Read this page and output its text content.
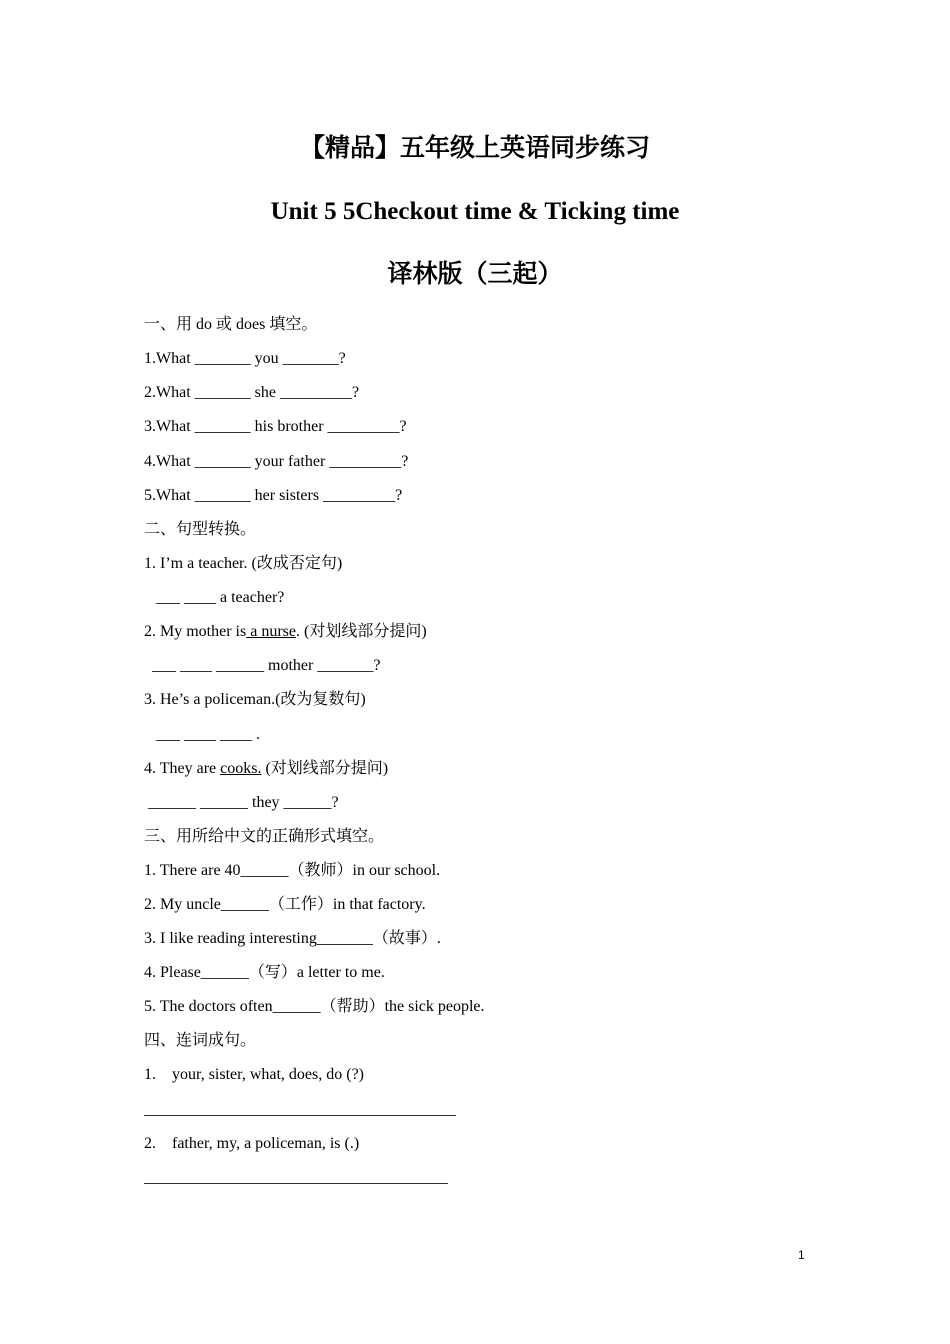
【精品】五年级上英语同步练习
Unit 5 5Checkout time & Ticking time
译林版（三起）
一、用 do 或 does 填空。
1.What _______ you _______?
2.What _______ she _________?
3.What _______ his brother _________?
4.What _______ your father _________?
5.What _______ her sisters _________?
二、句型转换。
1. I’m a teacher. (改成否定句)
___ ____ a teacher?
2. My mother is a nurse. (对划线部分提问)
___ ____ ______ mother _______?
3. He’s a policeman.(改为复数句)
___ ____ ____ .
4. They are cooks. (对划线部分提问)
______ ______ they ______?
三、用所给中文的正确形式填空。
1. There are 40______（教师）in our school.
2. My uncle______（工作）in that factory.
3. I like reading interesting_______（故事）.
4. Please______（写）a letter to me.
5. The doctors often______（帮助）the sick people.
四、连词成句。
1.    your, sister, what, does, do (?)
_______________________________________
2.    father, my, a policeman, is (.)
______________________________________
1
